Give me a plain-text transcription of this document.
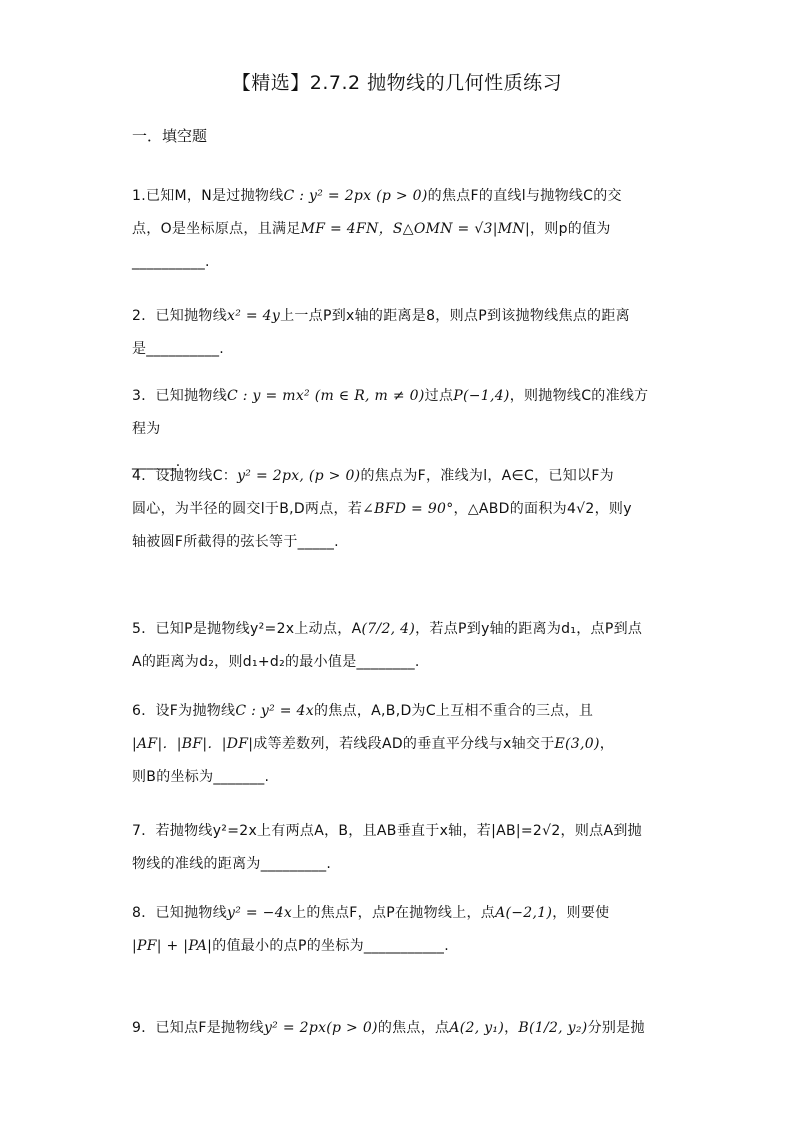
【精选】2.7.2 抛物线的几何性质练习
一．填空题
1.已知M，N是过抛物线C : y² = 2px (p > 0)的焦点F的直线l与抛物线C的交
点，O是坐标原点，且满足MF = 4FN，S△OMN = √3|MN|，则p的值为
__________.
2．已知抛物线x² = 4y上一点P到x轴的距离是8，则点P到该抛物线焦点的距离
是__________.
3．已知抛物线C : y = mx² (m ∈ R, m ≠ 0)过点P(−1,4)，则抛物线C的准线方程为
______.
4．设抛物线C：y² = 2px, (p > 0)的焦点为F，准线为l，A∈C，已知以F为
圆心，为半径的圆交l于B,D两点，若∠BFD = 90°，△ABD的面积为4√2，则y
轴被圆F所截得的弦长等于_____.
5．已知P是抛物线y²=2x上动点，A(7/2, 4)，若点P到y轴的距离为d₁，点P到点
A的距离为d₂，则d₁+d₂的最小值是________.
6．设F为抛物线C : y² = 4x的焦点，A,B,D为C上互相不重合的三点，且
|AF|．|BF|．|DF|成等差数列，若线段AD的垂直平分线与x轴交于E(3,0)，
则B的坐标为_______.
7．若抛物线y²=2x上有两点A，B，且AB垂直于x轴，若|AB|=2√2，则点A到抛
物线的准线的距离为_________.
8．已知抛物线y² = −4x上的焦点F，点P在抛物线上，点A(−2,1)，则要使
|PF| + |PA|的值最小的点P的坐标为___________.
9．已知点F是抛物线y² = 2px(p > 0)的焦点，点A(2, y₁)，B(1/2, y₂)分别是抛
